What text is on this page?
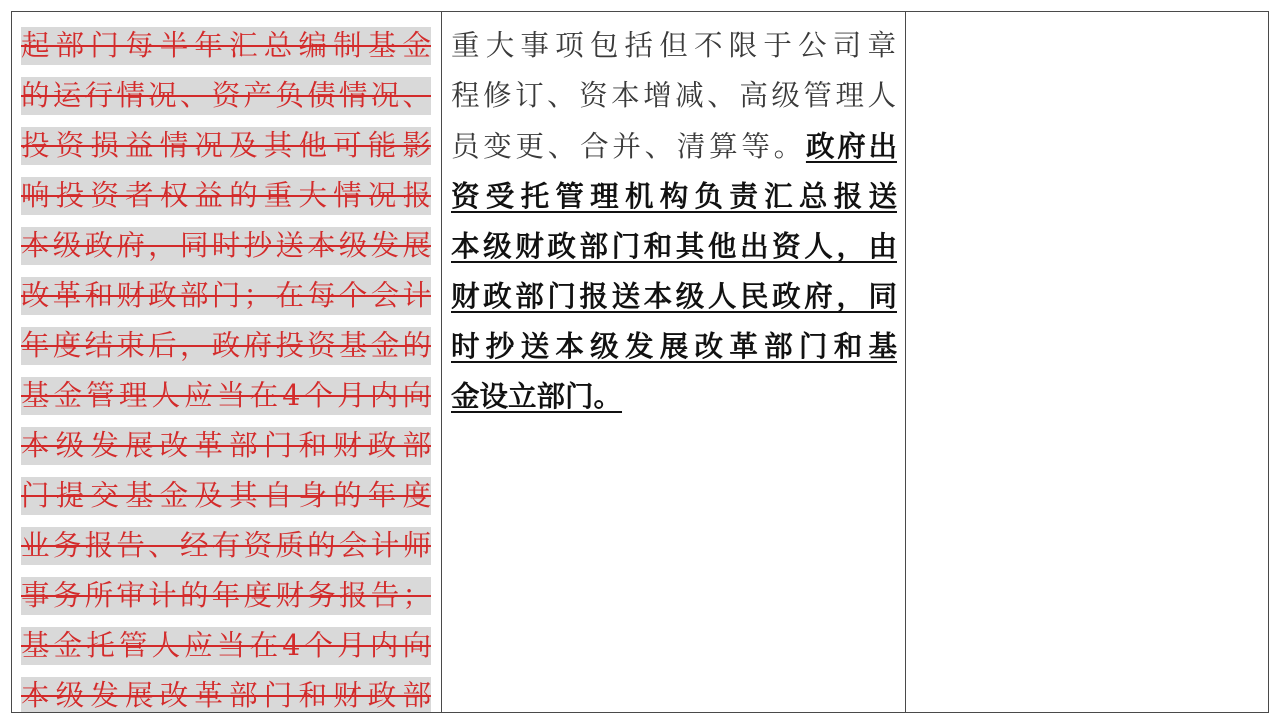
起部门每半年汇总编制基金
的运行情况、资产负债情况、
投资损益情况及其他可能影
响投资者权益的重大情况报
本级政府，同时抄送本级发展
改革和财政部门；在每个会计
年度结束后，政府投资基金的
基金管理人应当在4个月内向
本级发展改革部门和财政部
门提交基金及其自身的年度
业务报告、经有资质的会计师
事务所审计的年度财务报告；
基金托管人应当在4个月内向
本级发展改革部门和财政部
重大事项包括但不限于公司章
程修订、资本增减、高级管理人
员变更、合并、清算等。政府出
资受托管理机构负责汇总报送
本级财政部门和其他出资人，由
财政部门报送本级人民政府，同
时抄送本级发展改革部门和基
金设立部门。
